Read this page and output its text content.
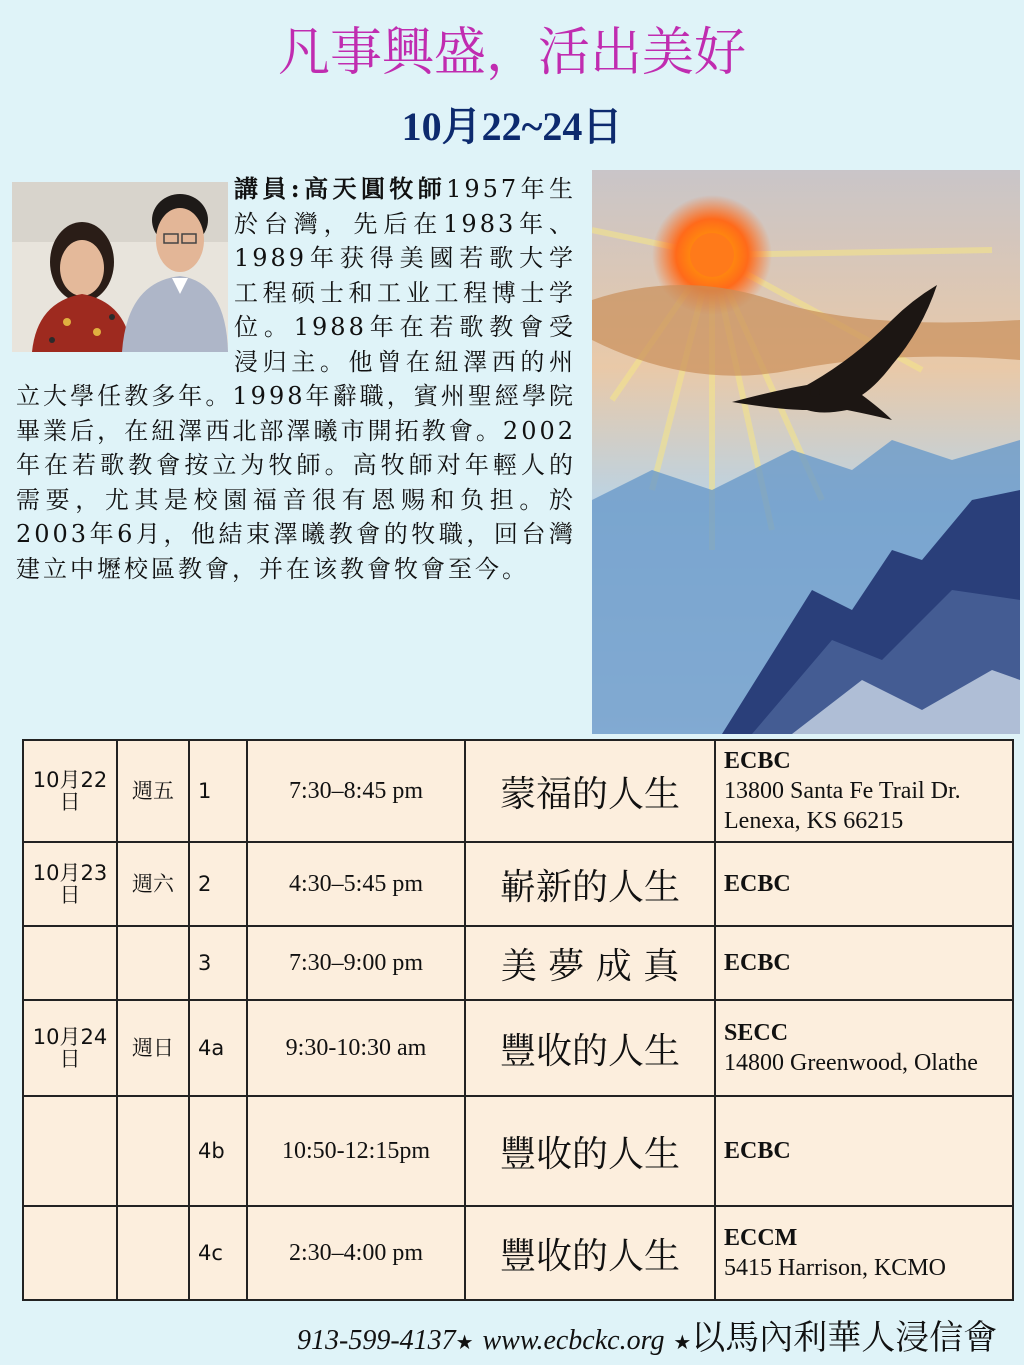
凡事興盛，活出美好
10月22~24日
講員:高天圓牧師1957年生於台灣，先后在1983年、1989年获得美國若歌大学工程硕士和工业工程博士学位。1988年在若歌教會受浸归主。他曾在紐澤西的州立大學任教多年。1998年辭職，賓州聖經學院畢業后，在紐澤西北部澤曦市開拓教會。2002年在若歌教會按立为牧師。高牧師对年輕人的需要，尤其是校園福音很有恩赐和负担。於2003年6月，他結束澤曦教會的牧職，回台灣建立中壢校區教會，并在该教會牧會至今。
10月22日	週五	1	7:30–8:45 pm	蒙福的人生	ECBC
13800 Santa Fe Trail Dr. Lenexa, KS 66215
10月23日	週六	2	4:30–5:45 pm	嶄新的人生	ECBC

		3	7:30–9:00 pm	美 夢 成 真	ECBC

10月24日	週日	4a	9:30-10:30 am	豐收的人生	SECC
14800 Greenwood, Olathe
		4b	10:50-12:15pm	豐收的人生	ECBC

		4c	2:30–4:00 pm	豐收的人生	ECCM
5415 Harrison, KCMO
913-599-4137★ www.ecbckc.org ★以馬內利華人浸信會
